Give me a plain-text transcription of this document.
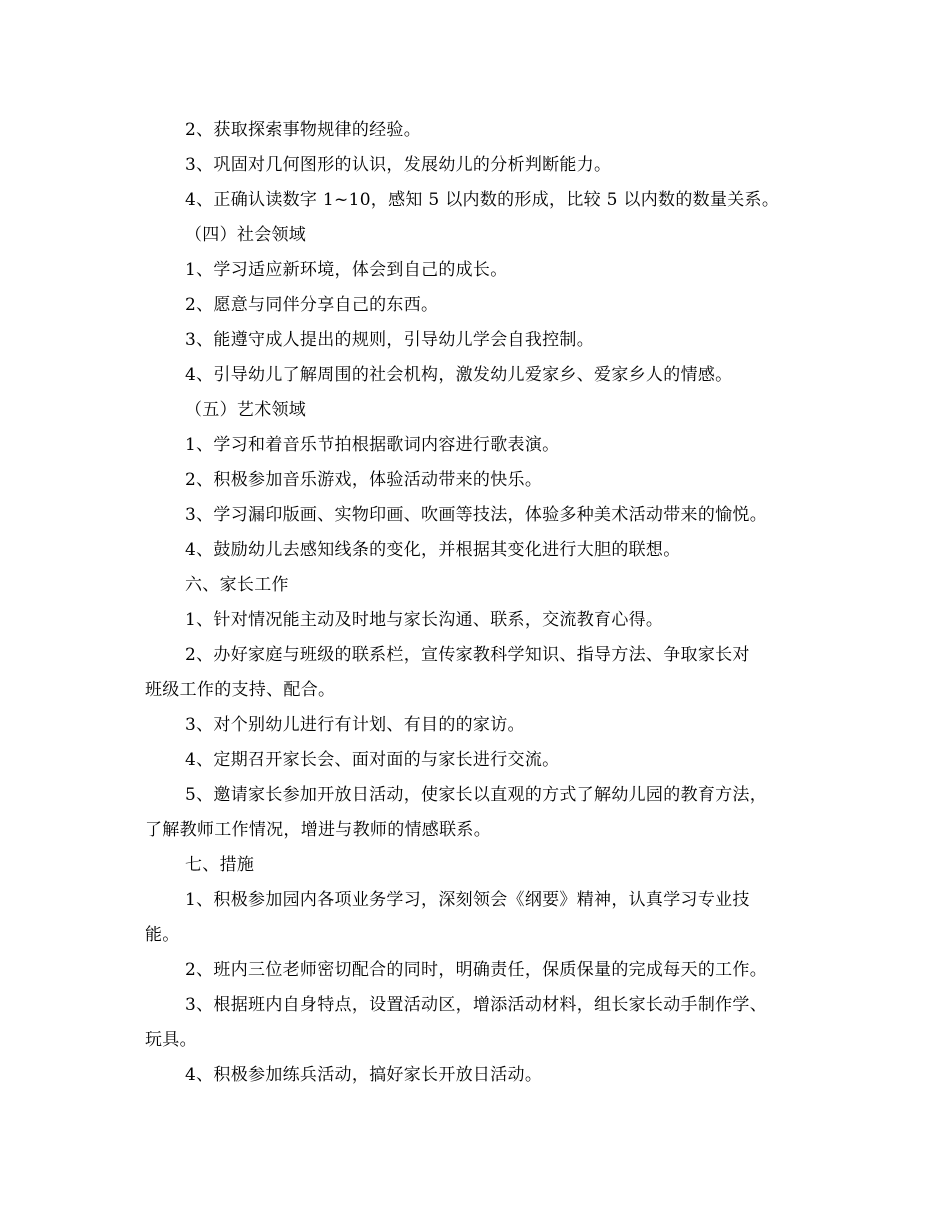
2、获取探索事物规律的经验。
3、巩固对几何图形的认识，发展幼儿的分析判断能力。
4、正确认读数字 1~10，感知 5 以内数的形成，比较 5 以内数的数量关系。
（四）社会领域
1、学习适应新环境，体会到自己的成长。
2、愿意与同伴分享自己的东西。
3、能遵守成人提出的规则，引导幼儿学会自我控制。
4、引导幼儿了解周围的社会机构，激发幼儿爱家乡、爱家乡人的情感。
（五）艺术领域
1、学习和着音乐节拍根据歌词内容进行歌表演。
2、积极参加音乐游戏，体验活动带来的快乐。
3、学习漏印版画、实物印画、吹画等技法，体验多种美术活动带来的愉悦。
4、鼓励幼儿去感知线条的变化，并根据其变化进行大胆的联想。
六、家长工作
1、针对情况能主动及时地与家长沟通、联系，交流教育心得。
2、办好家庭与班级的联系栏，宣传家教科学知识、指导方法、争取家长对
班级工作的支持、配合。
3、对个别幼儿进行有计划、有目的的家访。
4、定期召开家长会、面对面的与家长进行交流。
5、邀请家长参加开放日活动，使家长以直观的方式了解幼儿园的教育方法，
了解教师工作情况，增进与教师的情感联系。
七、措施
1、积极参加园内各项业务学习，深刻领会《纲要》精神，认真学习专业技
能。
2、班内三位老师密切配合的同时，明确责任，保质保量的完成每天的工作。
3、根据班内自身特点，设置活动区，增添活动材料，组长家长动手制作学、
玩具。
4、积极参加练兵活动，搞好家长开放日活动。
